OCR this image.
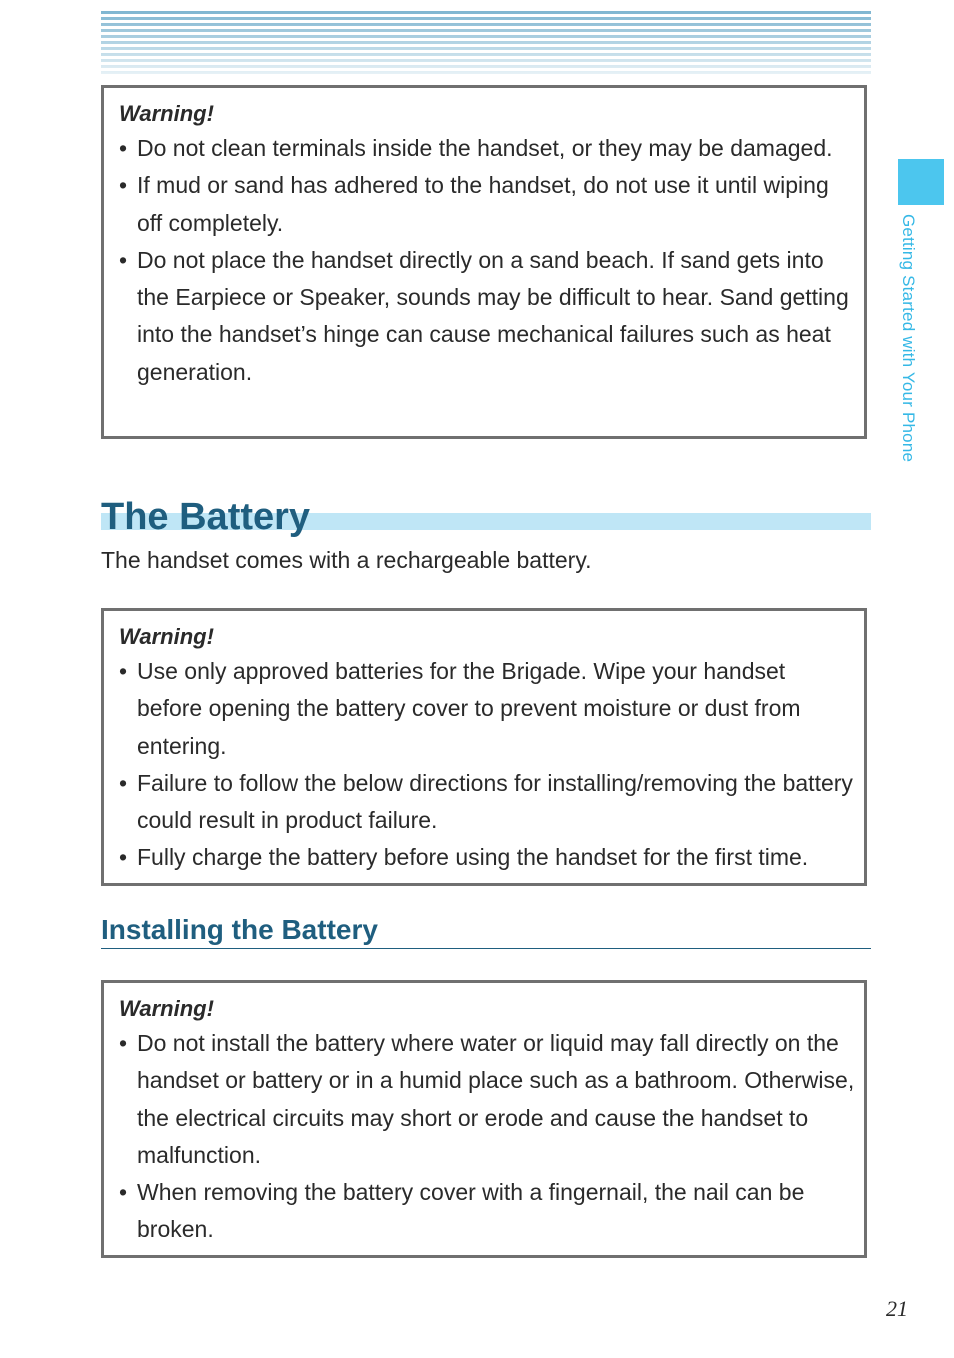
Getting Started with Your Phone
Warning!
• Do not clean terminals inside the handset, or they may be damaged.
• If mud or sand has adhered to the handset, do not use it until wiping off completely.
• Do not place the handset directly on a sand beach. If sand gets into the Earpiece or Speaker, sounds may be difficult to hear. Sand getting into the handset’s hinge can cause mechanical failures such as heat generation.
The Battery
The handset comes with a rechargeable battery.
Warning!
• Use only approved batteries for the Brigade. Wipe your handset before opening the battery cover to prevent moisture or dust from entering.
• Failure to follow the below directions for installing/removing the battery could result in product failure.
• Fully charge the battery before using the handset for the first time.
Installing the Battery
Warning!
• Do not install the battery where water or liquid may fall directly on the handset or battery or in a humid place such as a bathroom. Otherwise, the electrical circuits may short or erode and cause the handset to malfunction.
• When removing the battery cover with a fingernail, the nail can be broken.
21
